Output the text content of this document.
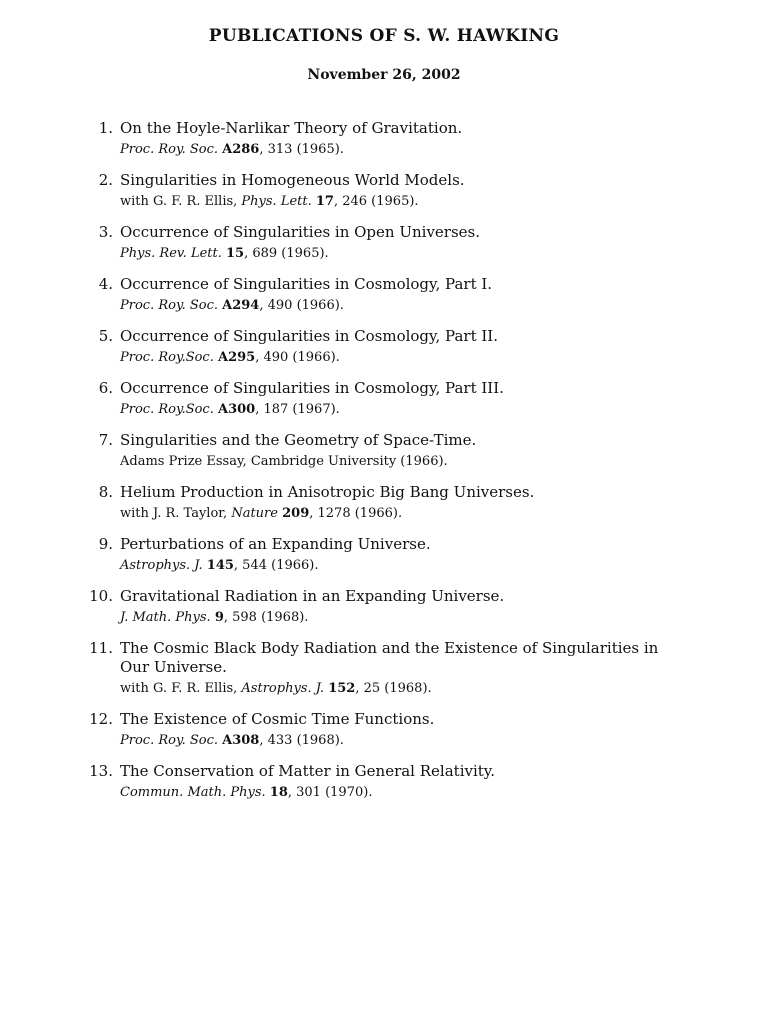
PUBLICATIONS OF S. W. HAWKING
November 26, 2002
1. On the Hoyle-Narlikar Theory of Gravitation.
Proc. Roy. Soc. A286, 313 (1965).
2. Singularities in Homogeneous World Models.
with G. F. R. Ellis, Phys. Lett. 17, 246 (1965).
3. Occurrence of Singularities in Open Universes.
Phys. Rev. Lett. 15, 689 (1965).
4. Occurrence of Singularities in Cosmology, Part I.
Proc. Roy. Soc. A294, 490 (1966).
5. Occurrence of Singularities in Cosmology, Part II.
Proc. Roy.Soc. A295, 490 (1966).
6. Occurrence of Singularities in Cosmology, Part III.
Proc. Roy.Soc. A300, 187 (1967).
7. Singularities and the Geometry of Space-Time.
Adams Prize Essay, Cambridge University (1966).
8. Helium Production in Anisotropic Big Bang Universes.
with J. R. Taylor, Nature 209, 1278 (1966).
9. Perturbations of an Expanding Universe.
Astrophys. J. 145, 544 (1966).
10. Gravitational Radiation in an Expanding Universe.
J. Math. Phys. 9, 598 (1968).
11. The Cosmic Black Body Radiation and the Existence of Singularities in Our Universe.
with G. F. R. Ellis, Astrophys. J. 152, 25 (1968).
12. The Existence of Cosmic Time Functions.
Proc. Roy. Soc. A308, 433 (1968).
13. The Conservation of Matter in General Relativity.
Commun. Math. Phys. 18, 301 (1970).
